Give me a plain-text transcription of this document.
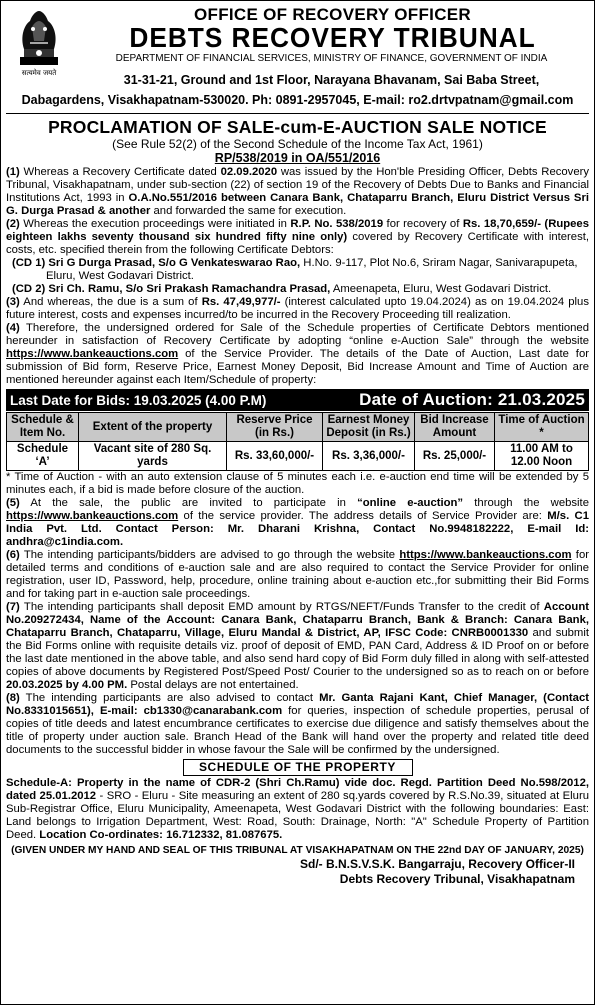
सत्यमेव जयते
OFFICE OF RECOVERY OFFICER
DEBTS RECOVERY TRIBUNAL
DEPARTMENT OF FINANCIAL SERVICES, MINISTRY OF FINANCE, GOVERNMENT OF INDIA
31-31-21, Ground and 1st Floor, Narayana Bhavanam, Sai Baba Street,
Dabagardens, Visakhapatnam-530020. Ph: 0891-2957045, E-mail: ro2.drtvpatnam@gmail.com
PROCLAMATION OF SALE-cum-E-AUCTION SALE NOTICE
(See Rule 52(2) of the Second Schedule of the Income Tax Act, 1961)
RP/538/2019 in OA/551/2016

(1) Whereas a Recovery Certificate dated 02.09.2020 was issued by the Hon'ble Presiding Officer, Debts Recovery Tribunal, Visakhapatnam, under sub-section (22) of section 19 of the Recovery of Debts Due to Banks and Financial Institutions Act, 1993 in O.A.No.551/2016 between Canara Bank, Chataparru Branch, Eluru District Versus Sri G. Durga Prasad & another and forwarded the same for execution.

(2) Whereas the execution proceedings were initiated in R.P. No. 538/2019 for recovery of Rs. 18,70,659/- (Rupees eighteen lakhs seventy thousand six hundred fifty nine only) covered by Recovery Certificate with interest, costs, etc. specified therein from the following Certificate Debtors:

(CD 1) Sri G Durga Prasad, S/o G Venkateswarao Rao, H.No. 9-117, Plot No.6, Sriram Nagar, Sanivarapupeta, Eluru, West Godavari District.

(CD 2) Sri Ch. Ramu, S/o Sri Prakash Ramachandra Prasad, Ameenapeta, Eluru, West Godavari District.

(3) And whereas, the due is a sum of Rs. 47,49,977/- (interest calculated upto 19.04.2024) as on 19.04.2024 plus future interest, costs and expenses incurred/to be incurred in the Recovery Proceeding till realization.

(4) Therefore, the undersigned ordered for Sale of the Schedule properties of Certificate Debtors mentioned hereunder in satisfaction of Recovery Certificate by adopting “online e-Auction Sale” through the website https://www.bankeauctions.com of the Service Provider. The details of the Date of Auction, Last date for submission of Bid form, Reserve Price, Earnest Money Deposit, Bid Increase Amount and Time of Auction are mentioned hereunder against each Item/Schedule of property:

Last Date for Bids: 19.03.2025 (4.00 P.M)	Date of Auction: 21.03.2025
Schedule & Item No.	Extent of the property	Reserve Price (in Rs.)	Earnest Money Deposit (in Rs.)	Bid Increase Amount	Time of Auction *
Schedule ‘A’	Vacant site of 280 Sq. yards	Rs. 33,60,000/-	Rs. 3,36,000/-	Rs. 25,000/-	11.00 AM to 12.00 Noon

* Time of Auction - with an auto extension clause of 5 minutes each i.e. e-auction end time will be extended by 5 minutes each, if a bid is made before closure of the auction.

(5) At the sale, the public are invited to participate in “online e-auction” through the website https://www.bankeauctions.com of the service provider. The address details of Service Provider are: M/s. C1 India Pvt. Ltd. Contact Person: Mr. Dharani Krishna, Contact No.9948182222, E-mail Id: andhra@c1india.com.

(6) The intending participants/bidders are advised to go through the website https://www.bankeauctions.com for detailed terms and conditions of e-auction sale and are also required to contact the Service Provider for online registration, user ID, Password, help, procedure, online training about e-auction etc.,for submitting their Bid Forms and for taking part in e-auction sale proceedings.

(7) The intending participants shall deposit EMD amount by RTGS/NEFT/Funds Transfer to the credit of Account No.209272434, Name of the Account: Canara Bank, Chataparru Branch, Bank & Branch: Canara Bank, Chataparru Branch, Chataparru, Village, Eluru Mandal & District, AP, IFSC Code: CNRB0001330 and submit the Bid Forms online with requisite details viz. proof of deposit of EMD, PAN Card, Address & ID Proof on or before the last date mentioned in the above table, and also send hard copy of Bid Form duly filled in along with self-attested copies of above documents by Registered Post/Speed Post/ Courier to the undersigned so as to reach on or before 20.03.2025 by 4.00 PM. Postal delays are not entertained.

(8) The intending participants are also advised to contact Mr. Ganta Rajani Kant, Chief Manager, (Contact No.8331015651), E-mail: cb1330@canarabank.com for queries, inspection of schedule properties, perusal of copies of title deeds and latest encumbrance certificates to exercise due diligence and satisfy themselves about the title of property under auction sale. Branch Head of the Bank will hand over the property and related title deed documents to the successful bidder in whose favour the Sale will be confirmed by the undersigned.

SCHEDULE OF THE PROPERTY

Schedule-A: Property in the name of CDR-2 (Shri Ch.Ramu) vide doc. Regd. Partition Deed No.598/2012, dated 25.01.2012 - SRO - Eluru - Site measuring an extent of 280 sq.yards covered by R.S.No.39, situated at Eluru Sub-Registrar Office, Eluru Municipality, Ameenapeta, West Godavari District with the following boundaries: East: Land belongs to Irrigation Department, West: Road, South: Drainage, North: "A" Schedule Property of Partition Deed. Location Co-ordinates: 16.712332, 81.087675.

(GIVEN UNDER MY HAND AND SEAL OF THIS TRIBUNAL AT VISAKHAPATNAM ON THE 22nd DAY OF JANUARY, 2025)
Sd/- B.N.S.V.S.K. Bangarraju, Recovery Officer-II
Debts Recovery Tribunal, Visakhapatnam
